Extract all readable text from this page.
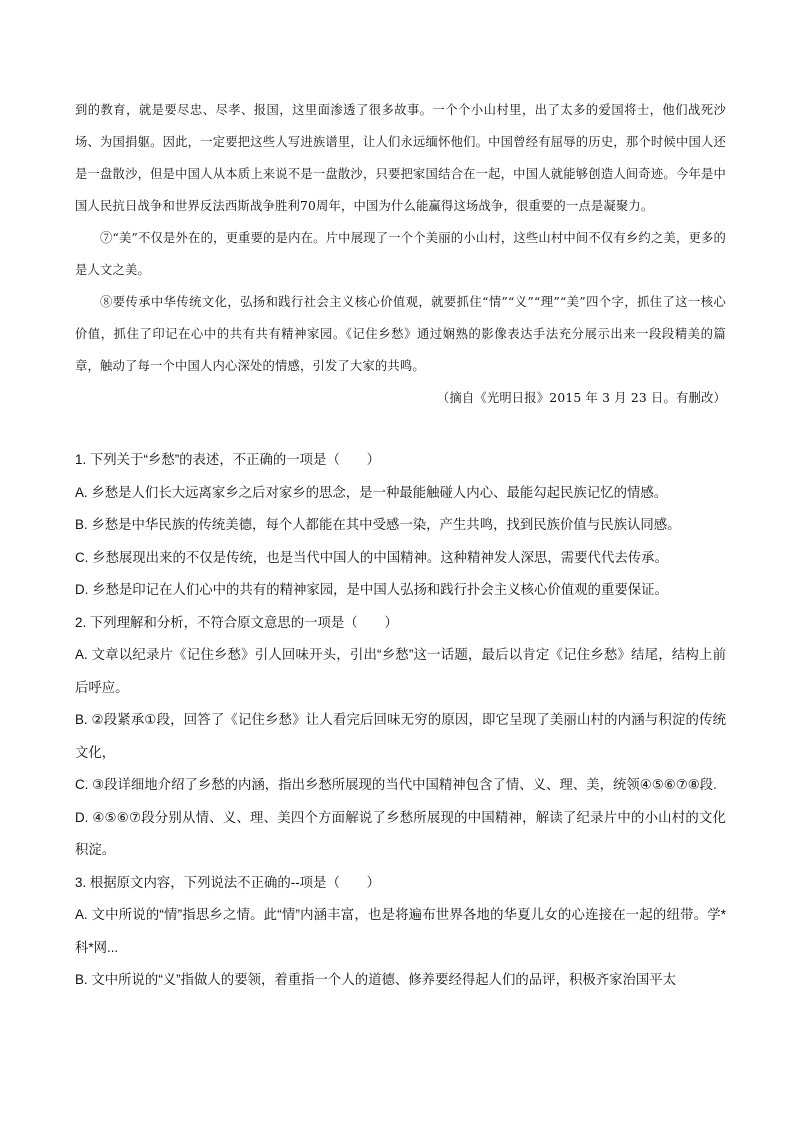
到的教育，就是要尽忠、尽孝、报国，这里面渗透了很多故事。一个个小山村里，出了太多的爱国将士，他们战死沙场、为国捐躯。因此，一定要把这些人写进族谱里，让人们永远缅怀他们。中国曾经有屈辱的历史，那个时候中国人还是一盘散沙，但是中国人从本质上来说不是一盘散沙，只要把家国结合在一起，中国人就能够创造人间奇迹。今年是中国人民抗日战争和世界反法西斯战争胜利70周年，中国为什么能赢得这场战争，很重要的一点是凝聚力。

⑦“美”不仅是外在的，更重要的是内在。片中展现了一个个美丽的小山村，这些山村中间不仅有乡约之美，更多的是人文之美。

⑧要传承中华传统文化，弘扬和践行社会主义核心价值观，就要抓住“情”“义”“理”“美”四个字，抓住了这一核心价值，抓住了印记在心中的共有共有精神家园。《记住乡愁》通过娴熟的影像表达手法充分展示出来一段段精美的篇章，触动了每一个中国人内心深处的情感，引发了大家的共鸣。

（摘自《光明日报》2015 年 3 月 23 日。有删改）

1. 下列关于“乡愁”的表述，不正确的一项是（　　）

A. 乡愁是人们长大远离家乡之后对家乡的思念，是一种最能触碰人内心、最能勾起民族记忆的情感。

B. 乡愁是中华民族的传统美德，每个人都能在其中受感一染，产生共鸣，找到民族价值与民族认同感。

C. 乡愁展现出来的不仅是传统，也是当代中国人的中国精神。这种精神发人深思，需要代代去传承。

D. 乡愁是印记在人们心中的共有的精神家园，是中国人弘扬和践行扑会主义核心价值观的重要保证。

2. 下列理解和分析，不符合原文意思的一项是（　　）

A. 文章以纪录片《记住乡愁》引人回味开头，引出“乡愁”这一话题，最后以肯定《记住乡愁》结尾，结构上前后呼应。

B. ②段紧承①段，回答了《记住乡愁》让人看完后回味无穷的原因，即它呈现了美丽山村的内涵与积淀的传统文化，

C. ③段详细地介绍了乡愁的内涵，指出乡愁所展现的当代中国精神包含了情、义、理、美，统领④⑤⑥⑦⑧段.

D. ④⑤⑥⑦段分别从情、义、理、美四个方面解说了乡愁所展现的中国精神，解读了纪录片中的小山村的文化积淀。

3. 根据原文内容，下列说法不正确的--项是（　　）

A. 文中所说的“情”指思乡之情。此“情”内涵丰富，也是将遍布世界各地的华夏儿女的心连接在一起的纽带。学*科*网...

B. 文中所说的“义”指做人的要领，着重指一个人的道德、修养要经得起人们的品评，积极齐家治国平太
